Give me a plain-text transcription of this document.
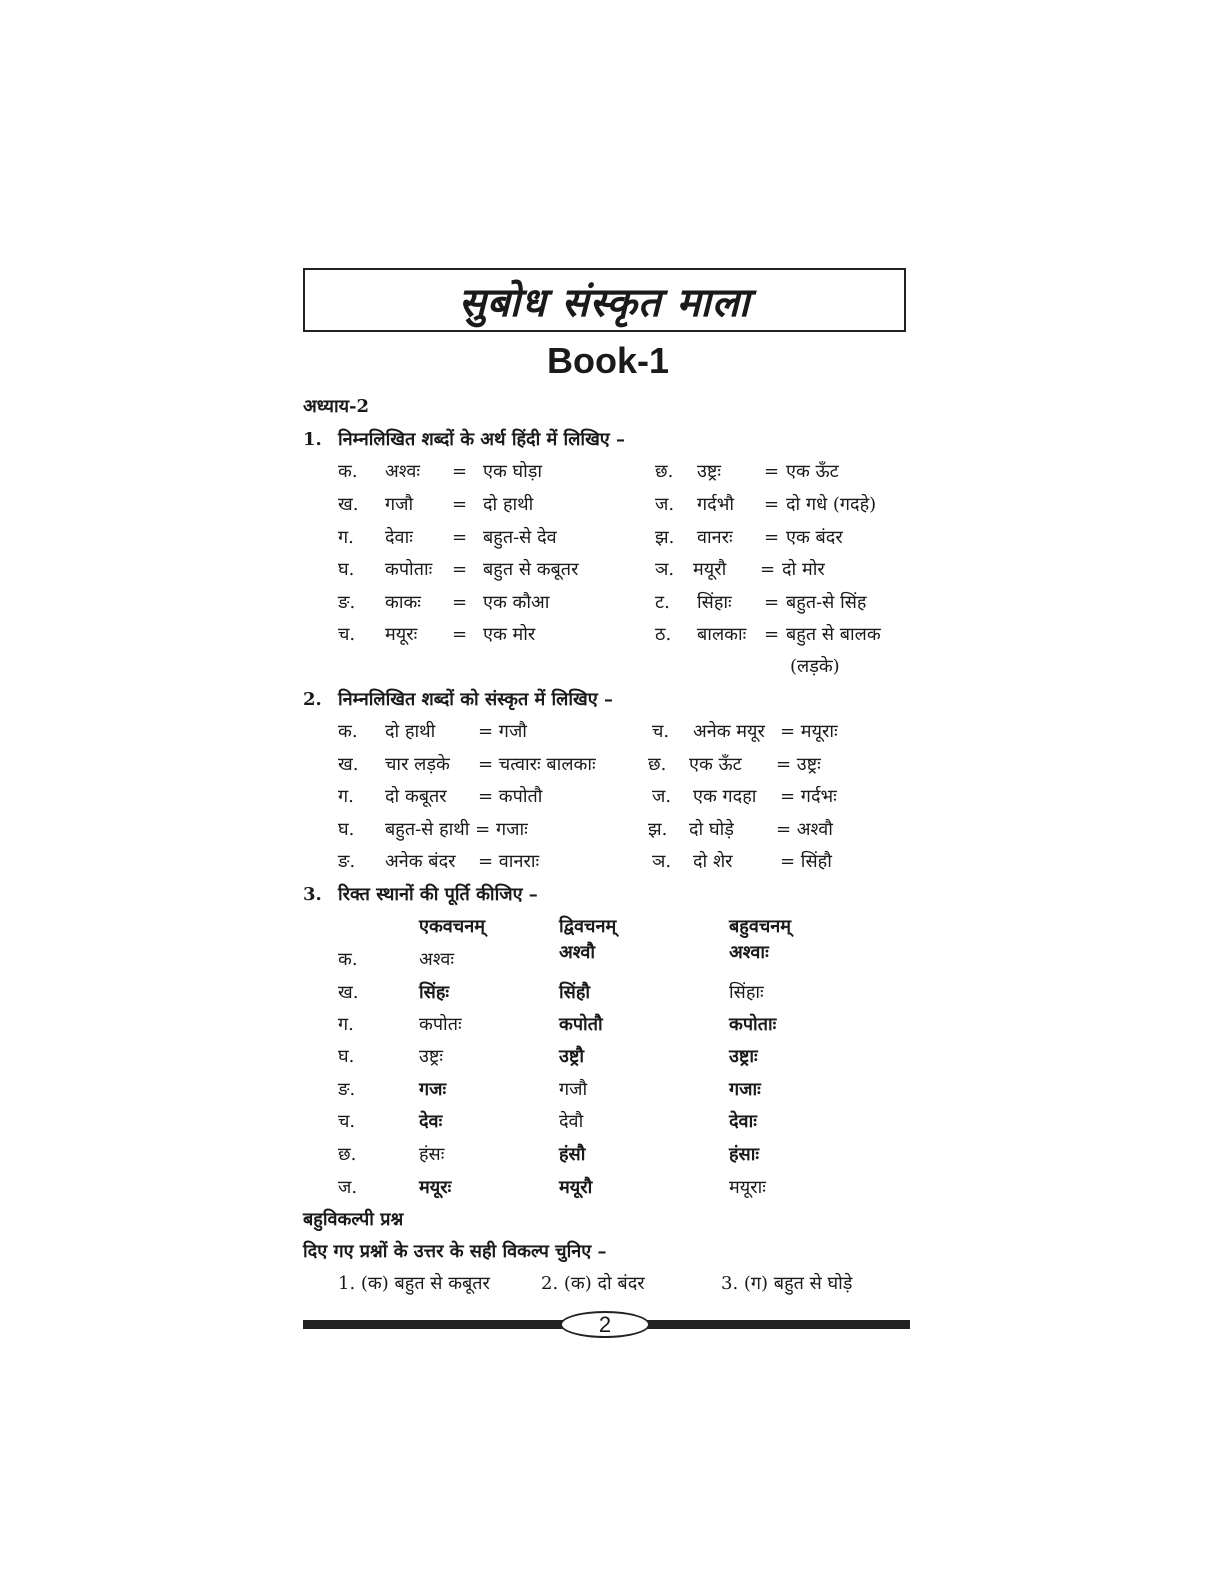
सुबोध संस्कृत माला
Book-1
अध्याय-2
1. निम्नलिखित शब्दों के अर्थ हिंदी में लिखिए –
क. अश्वः = एक घोड़ा
ख. गजौ = दो हाथी
ग. देवाः = बहुत-से देव
घ. कपोताः = बहुत से कबूतर
ङ. काकः = एक कौआ
च. मयूरः = एक मोर
छ. उष्ट्रः = एक ऊँट
ज. गर्दभौ = दो गधे (गदहे)
झ. वानरः = एक बंदर
ञ. मयूरौ = दो मोर
ट. सिंहाः = बहुत-से सिंह
ठ. बालकाः = बहुत से बालक
(लड़के)
2. निम्नलिखित शब्दों को संस्कृत में लिखिए –
क. दो हाथी = गजौ
ख. चार लड़के = चत्वारः बालकाः
ग. दो कबूतर = कपोतौ
घ. बहुत-से हाथी = गजाः
ङ. अनेक बंदर = वानराः
च. अनेक मयूर = मयूराः
छ. एक ऊँट = उष्ट्रः
ज. एक गदहा = गर्दभः
झ. दो घोड़े = अश्वौ
ञ. दो शेर	= सिंहौ
3. रिक्त स्थानों की पूर्ति कीजिए –
एकवचनम्	द्विवचनम्	बहुवचनम्
क.	अश्वः	अश्वौ	अश्वाः
ख.	सिंहः	सिंहौ	सिंहाः
ग.	कपोतः	कपोतौ	कपोताः
घ.	उष्ट्रः	उष्ट्रौ	उष्ट्राः
ङ.	गजः	गजौ	गजाः
च.	देवः	देवौ	देवाः
छ.	हंसः	हंसौ	हंसाः
ज.	मयूरः	मयूरौ	मयूराः
बहुविकल्पी प्रश्न
दिए गए प्रश्नों के उत्तर के सही विकल्प चुनिए –
1. (क) बहुत से कबूतर	2. (क) दो बंदर	3. (ग) बहुत से घोड़े
2
